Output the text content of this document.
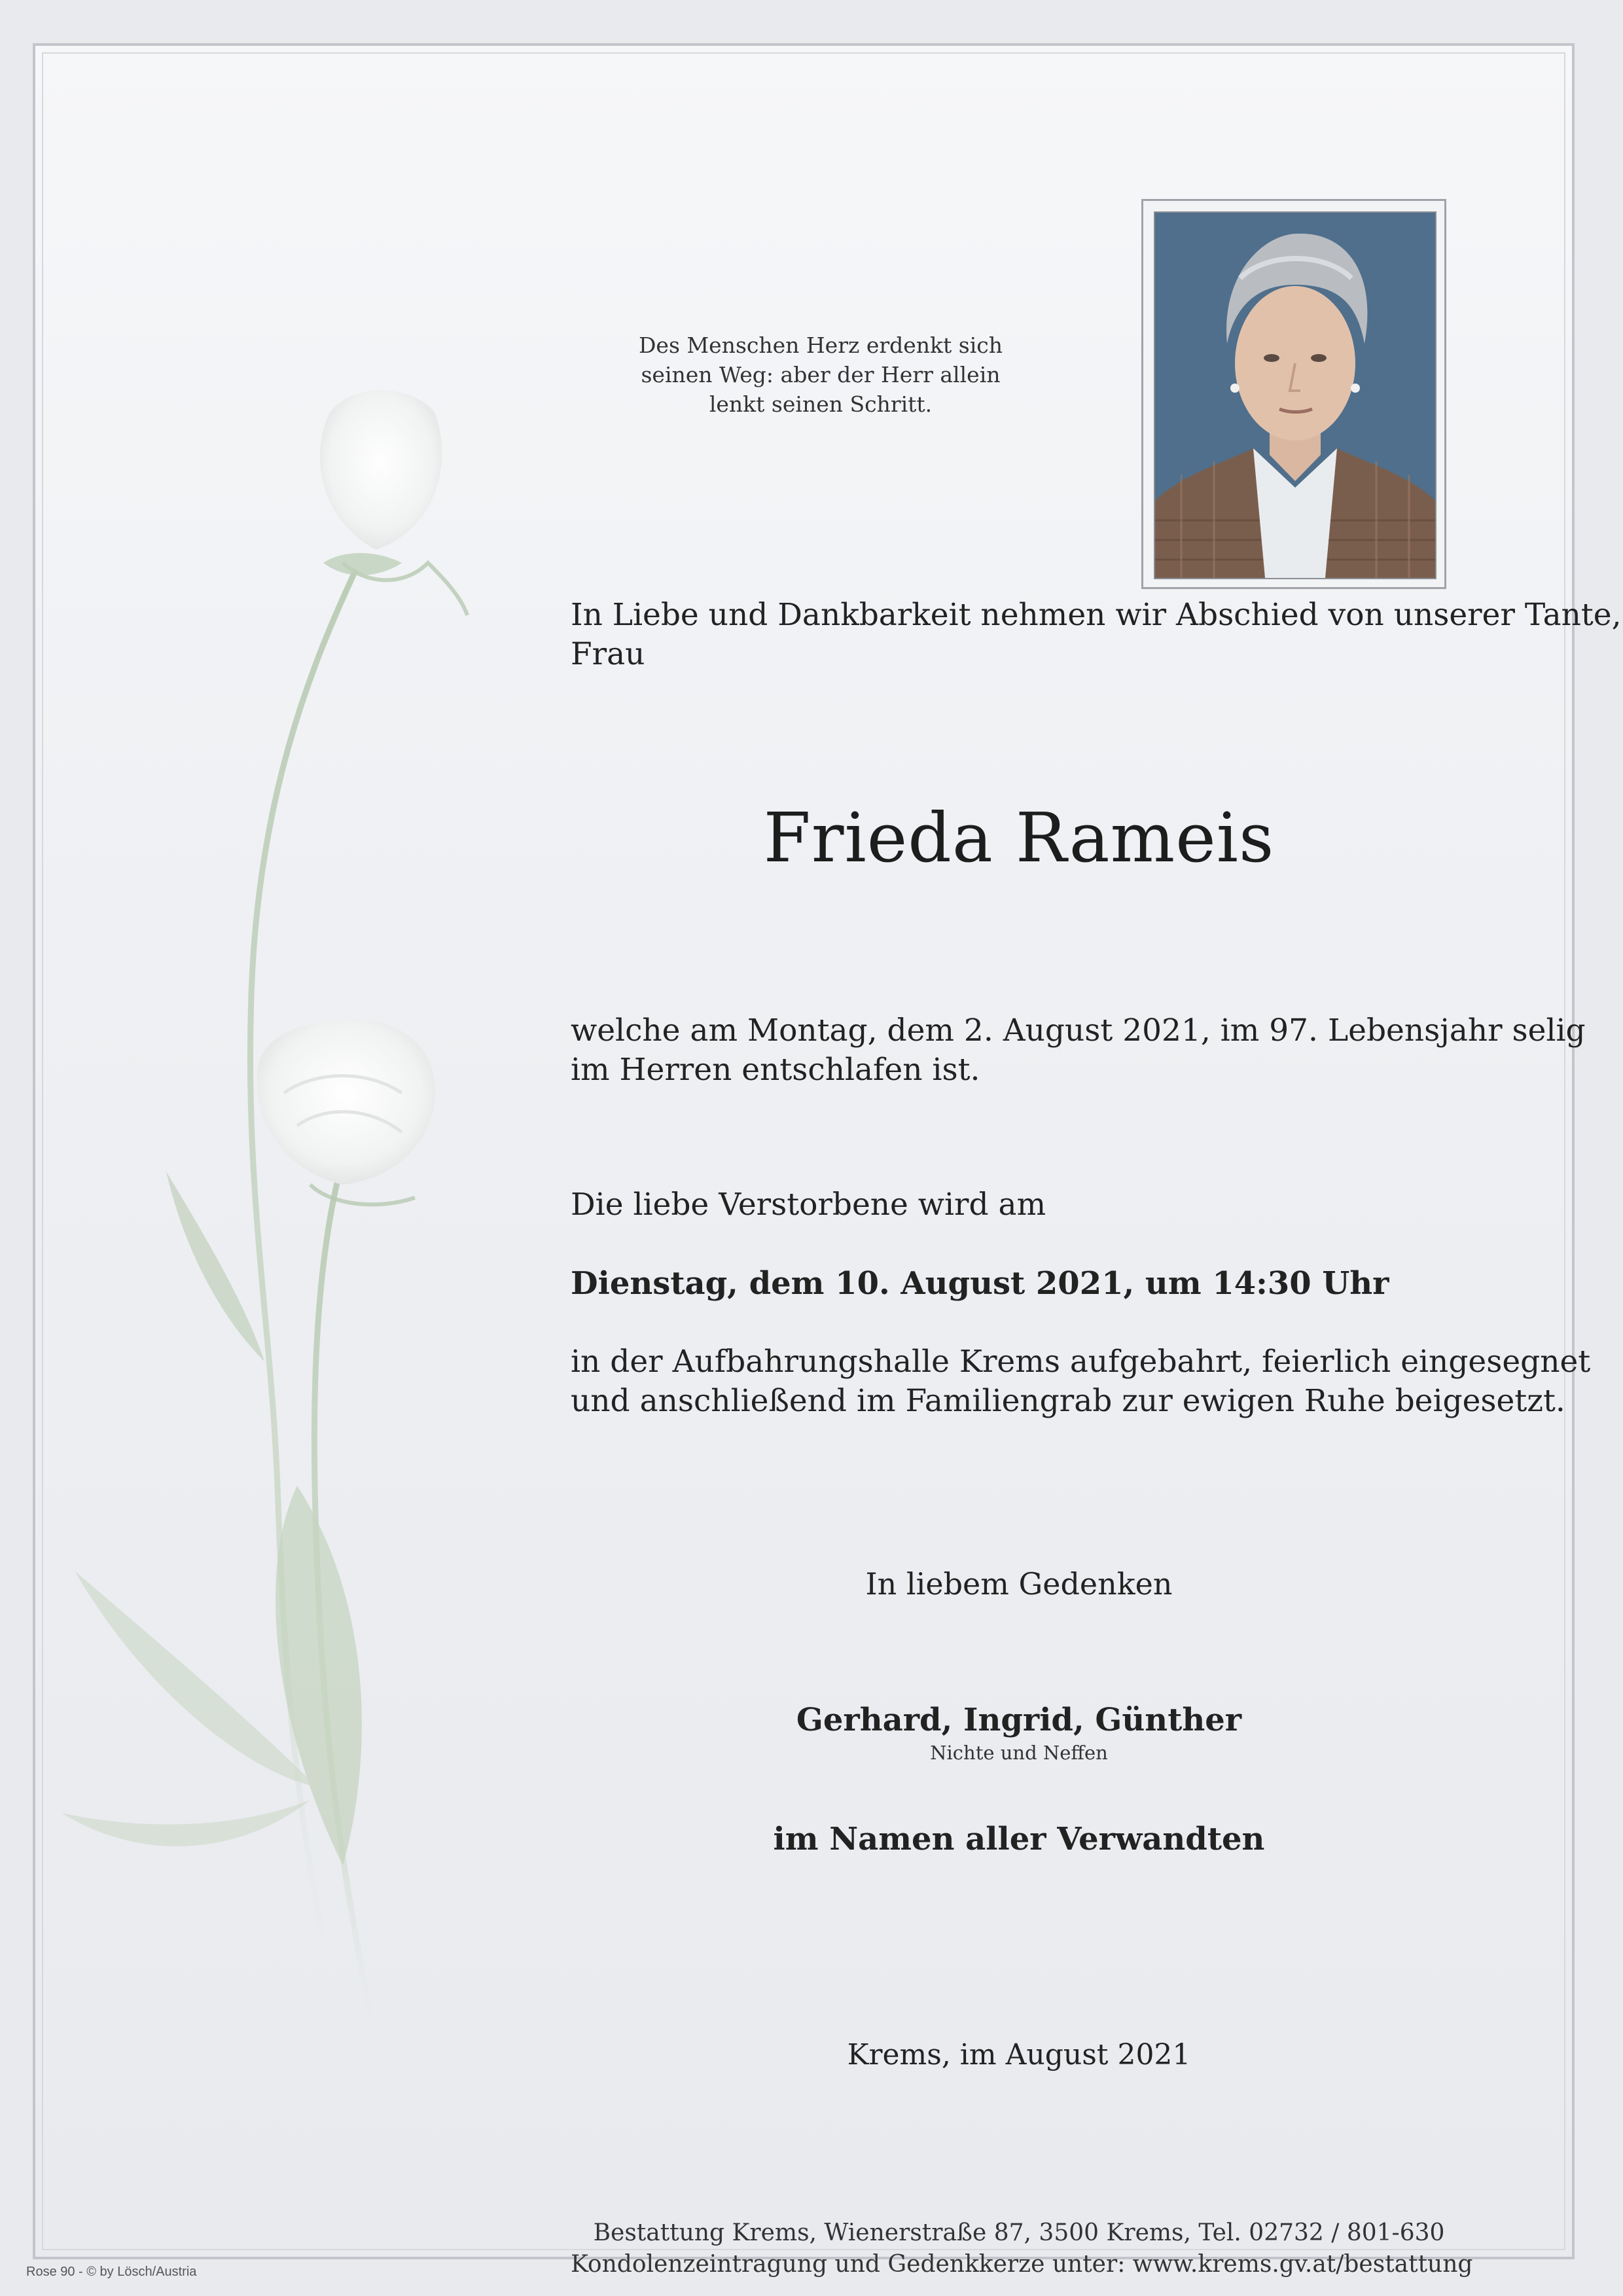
Des Menschen Herz erdenkt sich
seinen Weg: aber der Herr allein
lenkt seinen Schritt.
In Liebe und Dankbarkeit nehmen wir Abschied von unserer Tante,
Frau
Frieda Rameis
welche am Montag, dem 2. August 2021, im 97. Lebensjahr selig
im Herren entschlafen ist.
Die liebe Verstorbene wird am
Dienstag, dem 10. August 2021, um 14:30 Uhr
in der Aufbahrungshalle Krems aufgebahrt, feierlich eingesegnet
und anschließend im Familiengrab zur ewigen Ruhe beigesetzt.
In liebem Gedenken
Gerhard, Ingrid, Günther
Nichte und Neffen
im Namen aller Verwandten
Krems, im August 2021
Bestattung Krems, Wienerstraße 87, 3500 Krems, Tel. 02732 / 801-630
Kondolenzeintragung und Gedenkkerze unter: www.krems.gv.at/bestattung
Rose 90 - © by Lösch/Austria
